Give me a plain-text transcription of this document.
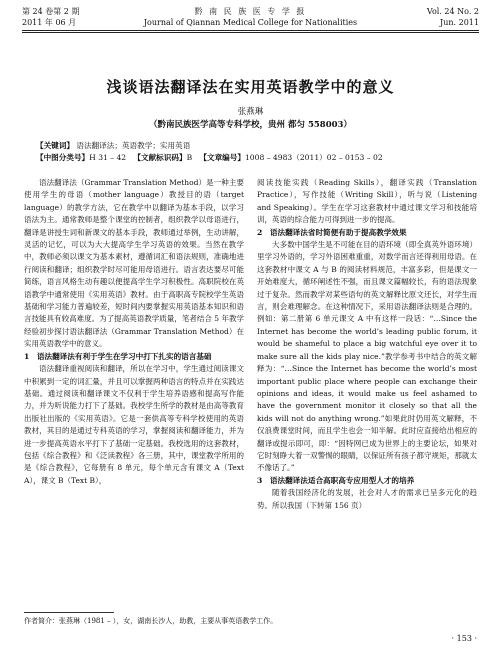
第 24 卷第 2 期
2011 年 06 月
黔 南 民 族 医 专 学 报
Journal of Qiannan Medical College for Nationalities
Vol. 24 No. 2
Jun. 2011
浅谈语法翻译法在实用英语教学中的意义
张燕琳
（黔南民族医学高等专科学校，贵州 都匀 558003）
【关键词】 语法翻译法；英语教学；实用英语
【中图分类号】H 31 – 42 【文献标识码】B 【文章编号】1008 – 4983（2011）02 – 0153 – 02

语法翻译法（Grammar Translation Method）是一种主要使用学生的母语（mother language）教授目的语（target language）的教学方法，它在教学中以翻译为基本手段，以学习语法为主。通常教师是整个课堂的控制者，组织教学以母语进行，翻译是讲授生词和新课文的基本手段，教师通过举例，生动讲解，灵活的记忆，可以为大大提高学生学习英语的效果。当然在教学中，教师必须以课文为基本素材，遵循词汇和语法规则，准确地进行阅读和翻译；组织教学时尽可能用母语进行。语言表达要尽可能简练，语言风格生动有趣以便提高学生学习积极性。高职院校在英语教学中通常使用《实用英语》教材。由于高职高专院校学生英语基础和学习能力普遍较差，短时间内要掌握实用英语基本知识和语言技能具有较高难度。为了提高英语教学质量，笔者结合 5 年教学经验初步探讨语法翻译法（Grammar Translation Method）在实用英语教学中的意义。

1　语法翻译法有利于学生在学习中打下扎实的语言基础

语法翻译重视阅读和翻译，所以在学习中，学生通过阅读课文中积累到一定的词汇量，并且可以掌握两种语言的特点并在实践达基础。通过阅读和翻译课文不仅利于学生培养语感和提高写作能力，并为听说能力打下了基础。我校学生所学的教材是由高等教育出版社出版的《实用英语》。它是一套供高等专科学校使用的英语教材，其目的是通过专科英语的学习，掌握阅读和翻译能力，并为进一步提高英语水平打下了基础一定基础。我校选用的这套教材，包括《综合教程》和《泛读教程》各三册，其中，课堂教学所用的是《综合教程》，它每册有 8 单元，每个单元含有课文 A（Text A），课文 B（Text B），

阅读技能实践（Reading Skills），翻译实践（Translation Practice），写作技能（Writing Skill），听与说（Listening and Speaking）。学生在学习这套教材中通过课文学习和技能培训，英语的综合能力可得到进一步的提高。

2　语法翻译法省时简便有助于提高教学效果

大多数中国学生是不可能在目的语环境（即全真英外语环境）里学习外语的，学习外语困难重重，对数学而言还得利用母语。在这套教材中课文 A 与 B 的阅读材料规范，丰富多彩，但是课文一开始难度大，循环阐述性不强，而且课文篇幅较长，有的语法现象过于复杂。然而教学对某些语句的英文解释比原文还长，对学生而言，则会难理解念。在这种情况下，采用语法翻译法则是合理的。例如：第二册第 6 单元课文 A 中有这样一段话：“…Since the Internet has become the world’s leading public forum, it would be shameful to place a big watchful eye over it to make sure all the kids play nice.”教学参考书中结合的英文解释为：“…Since the Internet has become the world’s most important public place where people can exchange their opinions and ideas, it would make us feel ashamed to have the government monitor it closely so that all the kids will not do anything wrong.”如果此时仍用英文解释，不仅浪费课堂时间，而且学生也会一知半解。此时应直接给出相应的翻译或提示即可，即：“因特网已成为世界上的主要论坛，如果对它时刻睁大着一双警惕的眼睛，以保证所有孩子都守规矩，那就太不像话了。”

3　语法翻译法适合高职高专应用型人才的培养

随着我国经济化的发展，社会对人才的需求已呈多元化的趋势。所以我国（下转第 156 页）

作者简介：张燕琳（1981 – ），女，湖南长沙人，助教，主要从事英语教学工作。
· 153 ·
